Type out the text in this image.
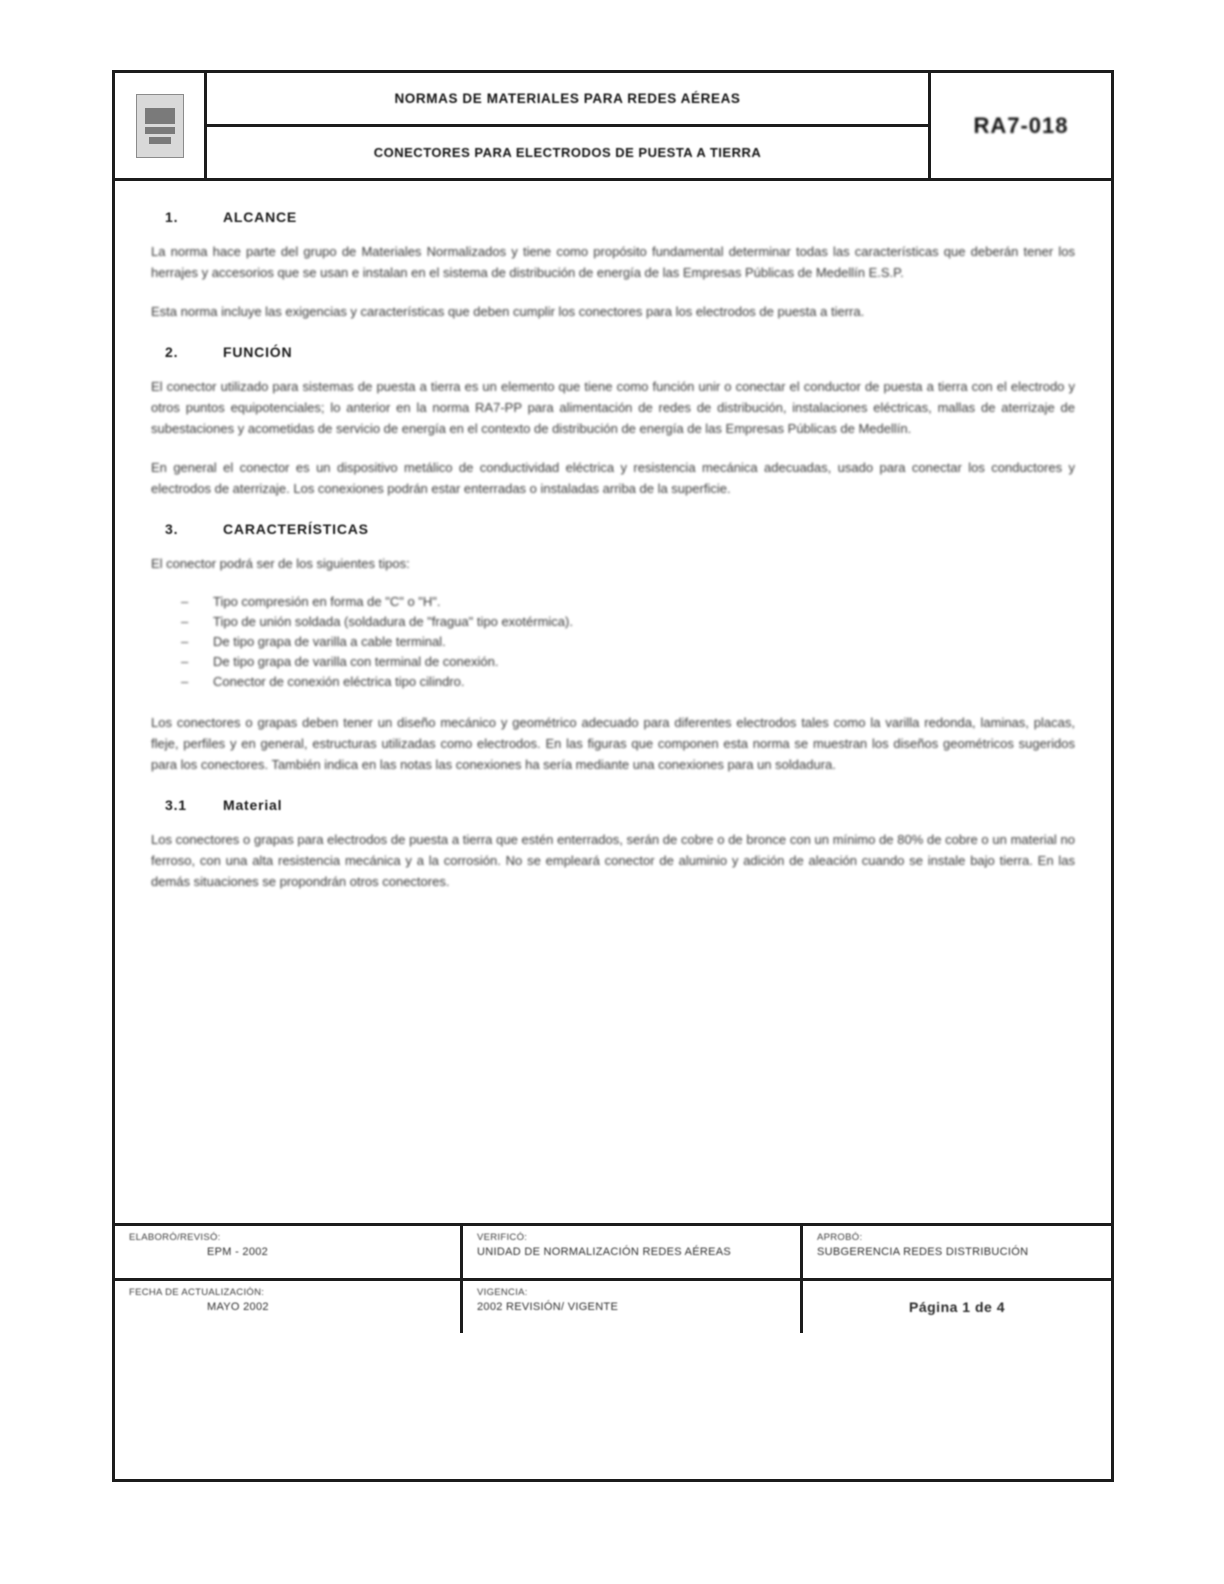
NORMAS DE MATERIALES PARA REDES AÉREAS
CONECTORES PARA ELECTRODOS DE PUESTA A TIERRA
RA7-018
1.	ALCANCE

La norma hace parte del grupo de Materiales Normalizados y tiene como propósito fundamental determinar todas las características que deberán tener los herrajes y accesorios que se usan e instalan en el sistema de distribución de energía de las Empresas Públicas de Medellín E.S.P.

Esta norma incluye las exigencias y características que deben cumplir los conectores para los electrodos de puesta a tierra.

2.	FUNCIÓN

El conector utilizado para sistemas de puesta a tierra es un elemento que tiene como función unir o conectar el conductor de puesta a tierra con el electrodo y otros puntos equipotenciales; lo anterior en la norma RA7-PP para alimentación de redes de distribución, instalaciones eléctricas, mallas de aterrizaje de subestaciones y acometidas de servicio de energía en el contexto de distribución de energía de las Empresas Públicas de Medellín.

En general el conector es un dispositivo metálico de conductividad eléctrica y resistencia mecánica adecuadas, usado para conectar los conductores y electrodos de aterrizaje. Los conexiones podrán estar enterradas o instaladas arriba de la superficie.

3.	CARACTERÍSTICAS

El conector podrá ser de los siguientes tipos:

– Tipo compresión en forma de "C" o "H".
– Tipo de unión soldada (soldadura de "fragua" tipo exotérmica).
– De tipo grapa de varilla a cable terminal.
– De tipo grapa de varilla con terminal de conexión.
– Conector de conexión eléctrica tipo cilindro.

Los conectores o grapas deben tener un diseño mecánico y geométrico adecuado para diferentes electrodos tales como la varilla redonda, laminas, placas, fleje, perfiles y en general, estructuras utilizadas como electrodos. En las figuras que componen esta norma se muestran los diseños geométricos sugeridos para los conectores. También indica en las notas las conexiones ha sería mediante una conexiones para un soldadura.

3.1	Material

Los conectores o grapas para electrodos de puesta a tierra que estén enterrados, serán de cobre o de bronce con un mínimo de 80% de cobre o un material no ferroso, con una alta resistencia mecánica y a la corrosión. No se empleará conector de aluminio y adición de aleación cuando se instale bajo tierra. En las demás situaciones se propondrán otros conectores.

ELABORÓ/REVISÓ:
EPM - 2002
VERIFICÓ:
UNIDAD DE NORMALIZACIÓN REDES AÉREAS
APROBÓ:
SUBGERENCIA REDES DISTRIBUCIÓN
FECHA DE ACTUALIZACIÓN:
MAYO 2002
VIGENCIA:
2002 REVISIÓN/ VIGENTE	Página 1 de 4
